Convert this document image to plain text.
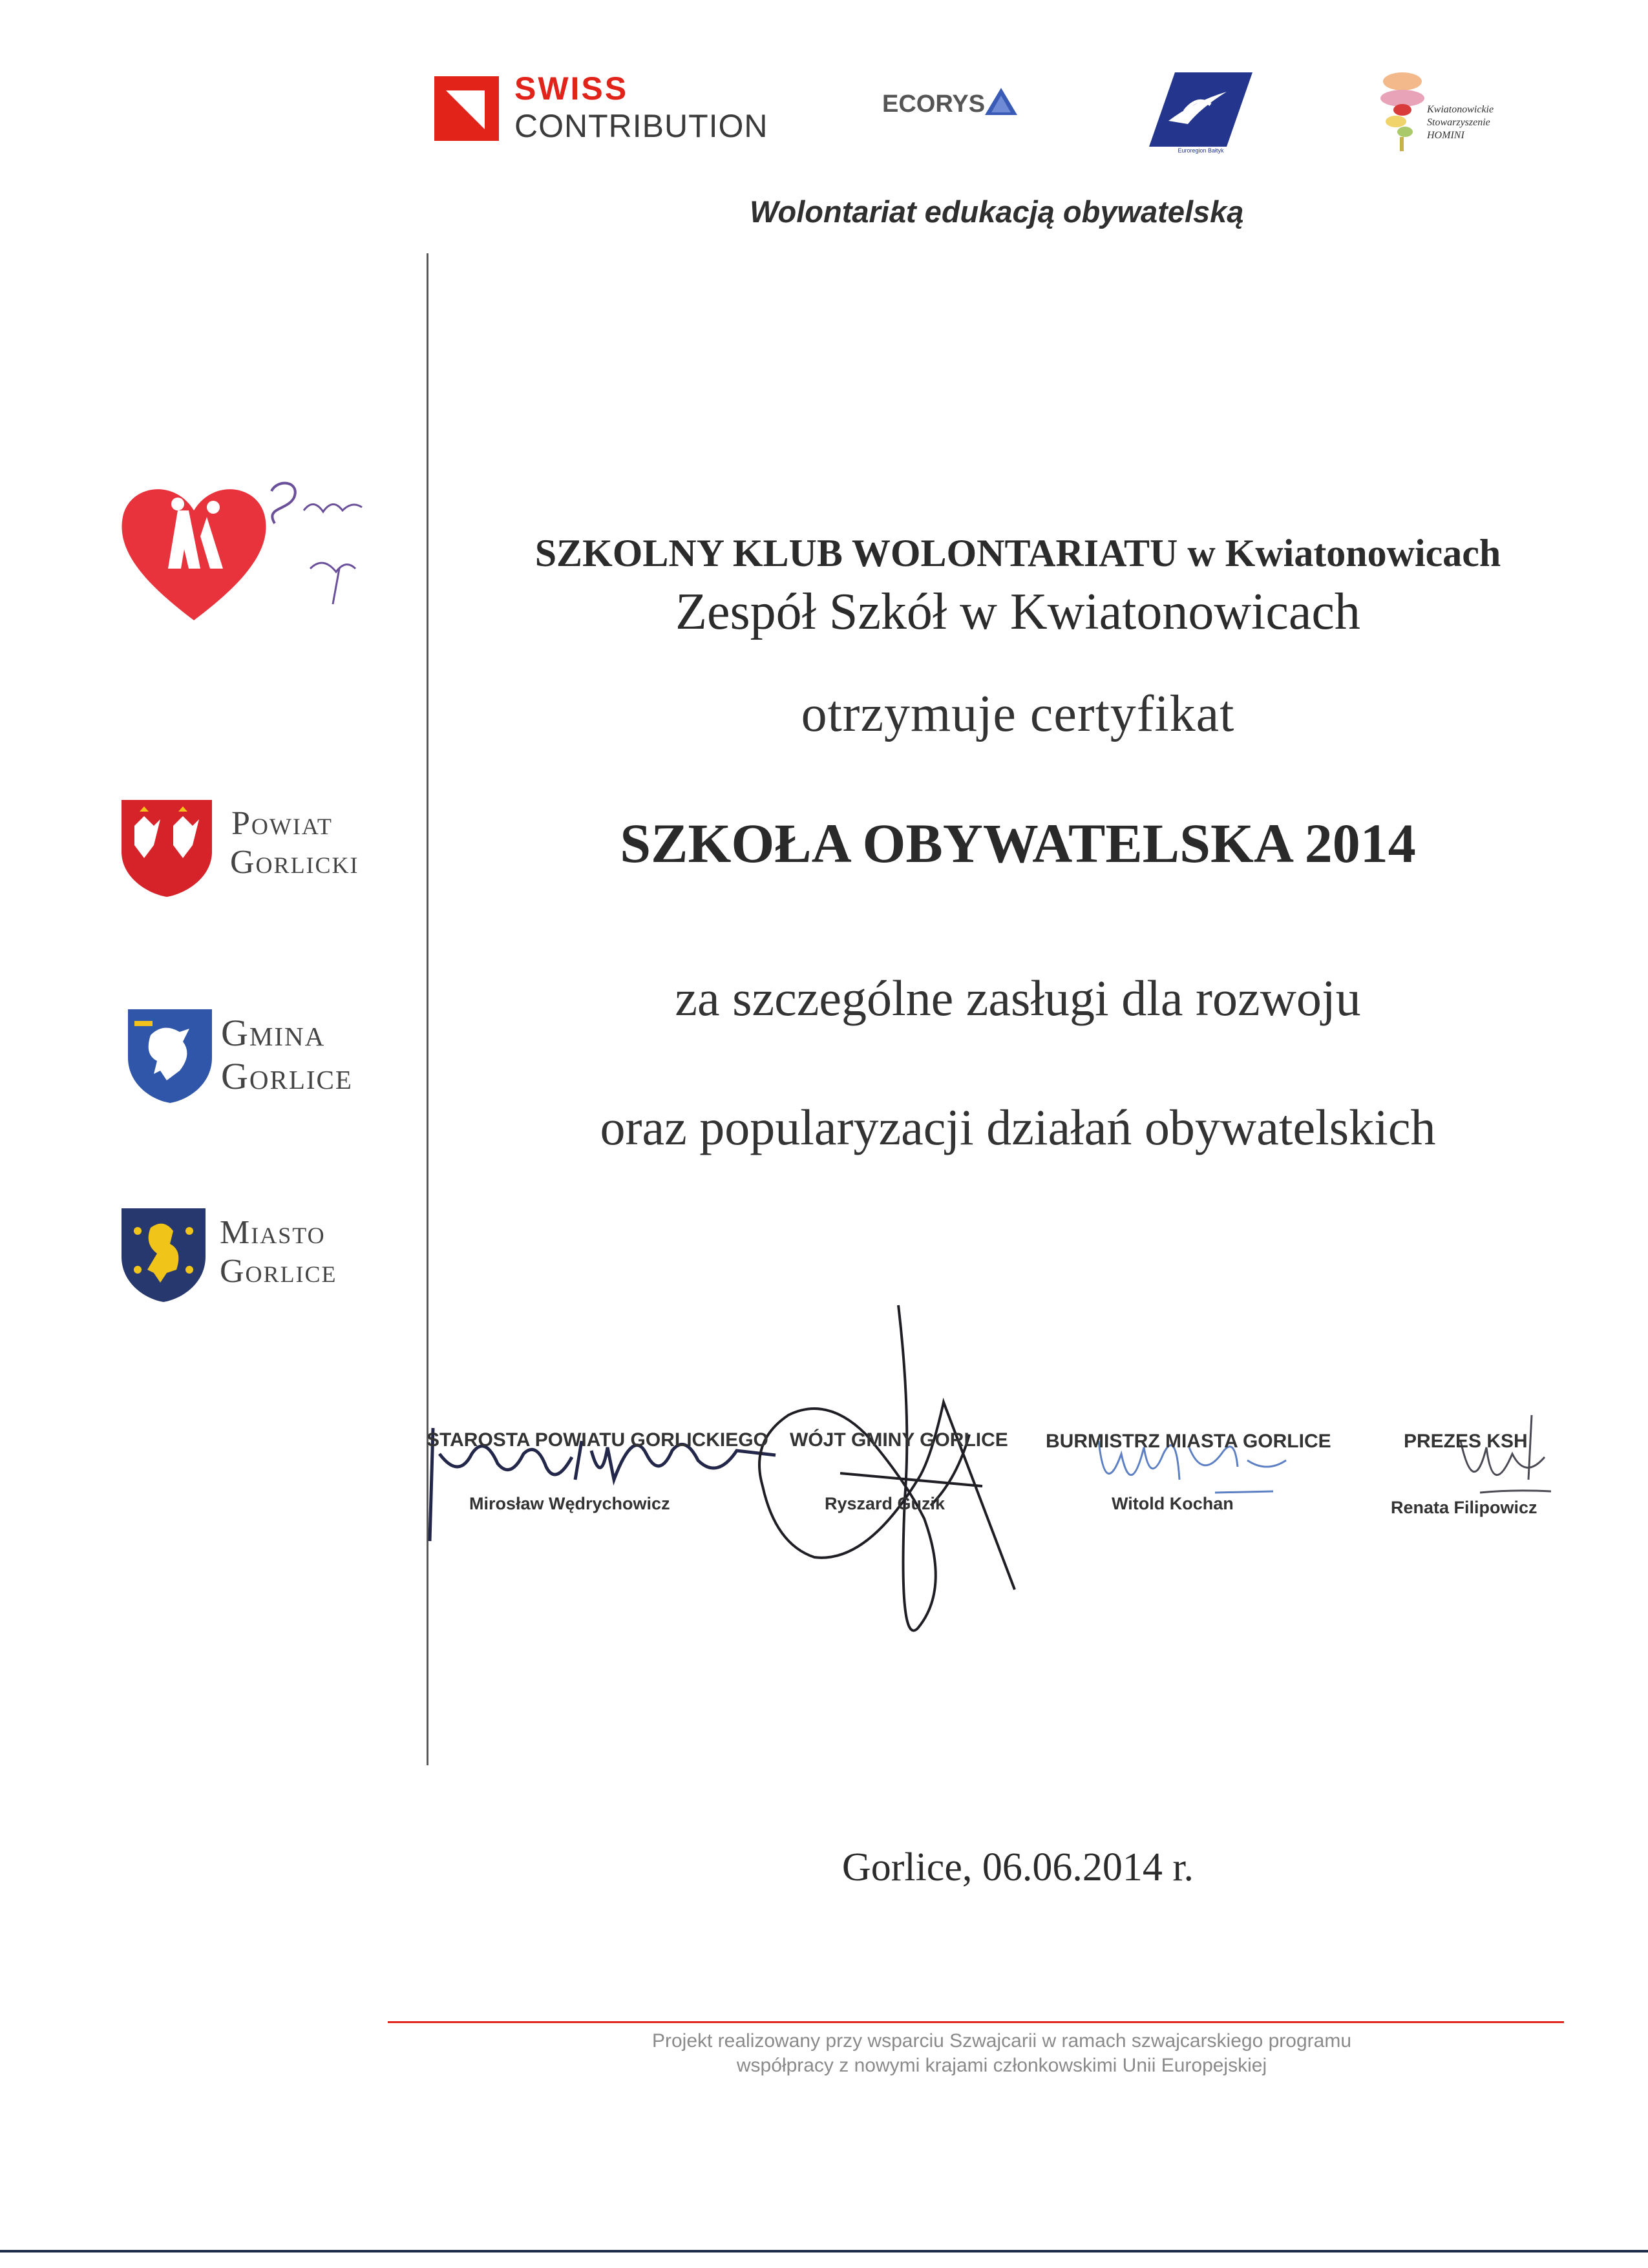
SWISS
CONTRIBUTION
ECORYS
Euroregion Bałtyk
Kwiatonowickie
Stowarzyszenie
HOMINI
Wolontariat edukacją obywatelską
Powiat
Gorlicki
Gmina
Gorlice
Miasto
Gorlice
SZKOLNY KLUB WOLONTARIATU w Kwiatonowicach
Zespół Szkół w Kwiatonowicach
otrzymuje certyfikat
SZKOŁA OBYWATELSKA 2014
za szczególne zasługi dla rozwoju
oraz popularyzacji działań obywatelskich
STAROSTA POWIATU GORLICKIEGO
Mirosław Wędrychowicz
WÓJT GMINY GORLICE
Ryszard Guzik
BURMISTRZ MIASTA GORLICE
Witold Kochan
PREZES KSH
Renata Filipowicz
Gorlice, 06.06.2014 r.
Projekt realizowany przy wsparciu Szwajcarii w ramach szwajcarskiego programu
współpracy z nowymi krajami członkowskimi Unii Europejskiej
